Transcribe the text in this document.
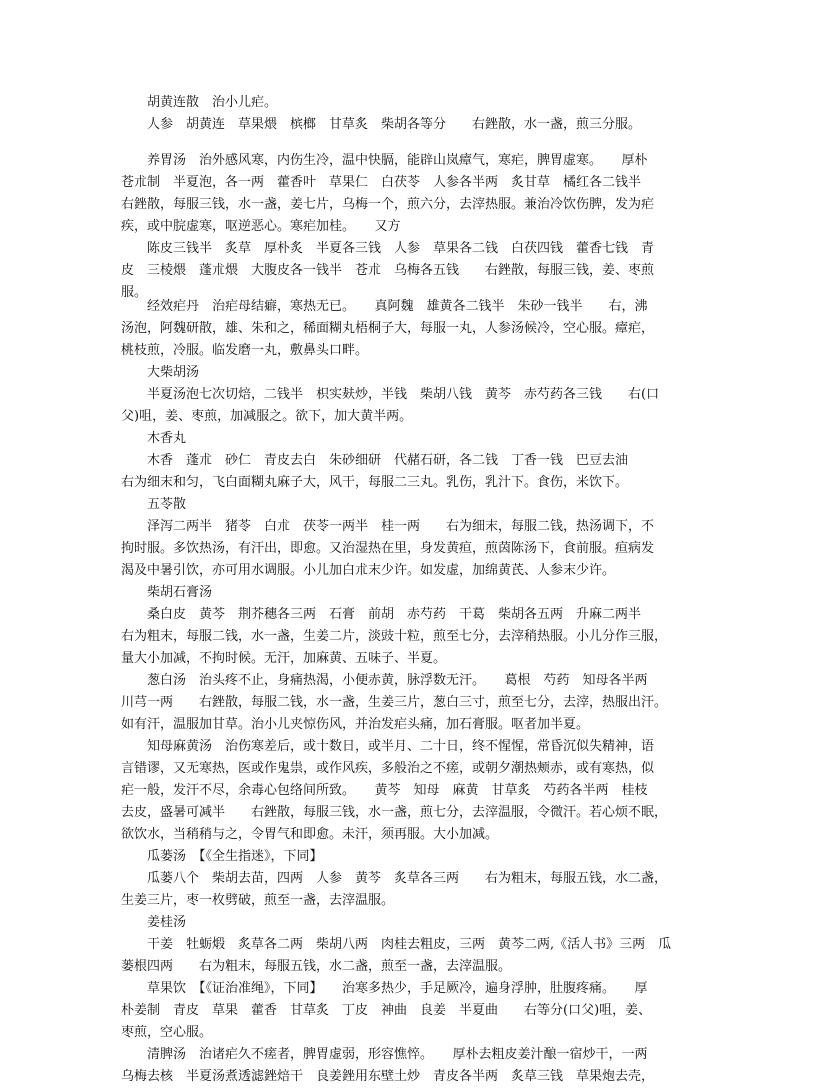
胡黄连散　治小儿疟。
人参　胡黄连　草果煨　槟榔　甘草炙　柴胡各等分　　右銼散，水一盏，煎三分服。
养胃汤　治外感风寒，内伤生冷，温中快膈，能辟山岚瘴气，寒疟，脾胃虚寒。　　厚朴
苍朮制　半夏泡，各一两　藿香叶　草果仁　白茯苓　人参各半两　炙甘草　橘红各二钱半
右銼散，每服三钱，水一盏，姜七片，乌梅一个，煎六分，去滓热服。兼治冷饮伤脾，发为疟
疾，或中脘虚寒，呕逆恶心。寒疟加桂。　　又方
陈皮三钱半　炙草　厚朴炙　半夏各三钱　人参　草果各二钱　白茯四钱　藿香七钱　青
皮　三棱煨　蓬朮煨　大腹皮各一钱半　苍朮　乌梅各五钱　　右銼散，每服三钱，姜、枣煎
服。
经效疟丹　治疟母结癖，寒热无已。　　真阿魏　雄黄各二钱半　朱砂一钱半　　右，沸
汤泡，阿魏研散，雄、朱和之，稀面糊丸梧桐子大，每服一丸，人参汤候冷，空心服。瘴疟，
桃枝煎，冷服。临发磨一丸，敷鼻头口畔。
大柴胡汤
半夏汤泡七次切焙，二钱半　枳实麸炒，半钱　柴胡八钱　黄芩　赤芍药各三钱　　右(口
父)咀，姜、枣煎，加减服之。欲下，加大黄半两。
木香丸
木香　蓬朮　砂仁　青皮去白　朱砂细研　代赭石研，各二钱　丁香一钱　巴豆去油
右为细末和匀，飞白面糊丸麻子大，风干，每服二三丸。乳伤，乳汁下。食伤，米饮下。
五苓散
泽泻二两半　猪苓　白朮　茯苓一两半　桂一两　　右为细末，每服二钱，热汤调下，不
拘时服。多饮热汤，有汗出，即愈。又治湿热在里，身发黄疸，煎茵陈汤下，食前服。疸病发
渴及中暑引饮，亦可用水调服。小儿加白朮末少许。如发虚，加绵黄芪、人参末少许。
柴胡石膏汤
桑白皮　黄芩　荆芥穗各三两　石膏　前胡　赤芍药　干葛　柴胡各五两　升麻二两半
右为粗末，每服二钱，水一盏，生姜二片，淡豉十粒，煎至七分，去滓稍热服。小儿分作三服，
量大小加减，不拘时候。无汗，加麻黄、五味子、半夏。
葱白汤　治头疼不止，身痛热渴，小便赤黄，脉浮数无汗。　　葛根　芍药　知母各半两
川芎一两　　右銼散，每服二钱，水一盏，生姜三片，葱白三寸，煎至七分，去滓，热服出汗。
如有汗，温服加甘草。治小儿夹惊伤风，并治发疟头痛，加石膏服。呕者加半夏。
知母麻黄汤　治伤寒差后，或十数日，或半月、二十日，终不惺惺，常昏沉似失精神，语
言错谬，又无寒热，医或作鬼祟，或作风疾，多般治之不瘥，或朝夕潮热颊赤，或有寒热，似
疟一般，发汗不尽，余毒心包络间所致。　　黄芩　知母　麻黄　甘草炙　芍药各半两　桂枝
去皮，盛暑可减半　　右銼散，每服三钱，水一盏，煎七分，去滓温服，令微汗。若心烦不眠，
欲饮水，当稍稍与之，令胃气和即愈。未汗，须再服。大小加减。
瓜蒌汤　【《全生指迷》，下同】
瓜蒌八个　柴胡去苗，四两　人参　黄芩　炙草各三两　　右为粗末，每服五钱，水二盏，
生姜三片，枣一枚劈破，煎至一盏，去滓温服。
姜桂汤
干姜　牡蛎煅　炙草各二两　柴胡八两　肉桂去粗皮，三两　黄芩二两,《活人书》三两　瓜
蒌根四两　　右为粗末，每服五钱，水二盏，煎至一盏，去滓温服。
草果饮　【《证治准绳》，下同】　　治寒多热少，手足厥冷，遍身浮肿，肚腹疼痛。　　厚
朴姜制　青皮　草果　藿香　甘草炙　丁皮　神曲　良姜　半夏曲　　右等分(口父)咀，姜、
枣煎，空心服。
清脾汤　治诸疟久不瘥者，脾胃虚弱，形容憔悴。　　厚朴去粗皮姜汁酿一宿炒干，一两
乌梅去核　半夏汤煮透滤銼焙干　良姜銼用东壁土炒　青皮各半两　炙草三钱　草果炮去壳，
